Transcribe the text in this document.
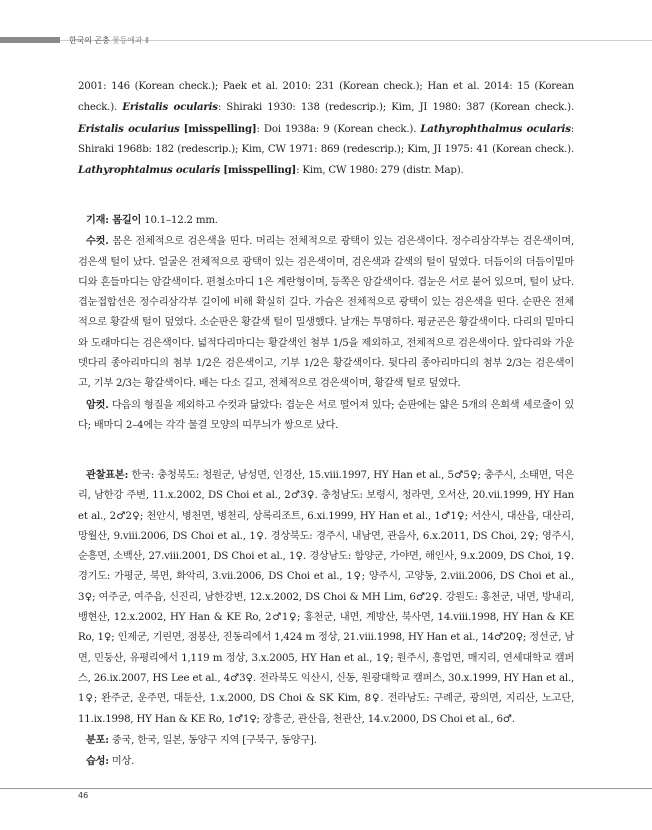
한국의 곤충 꽃등에과 Ⅱ

2001: 146 (Korean check.); Paek et al. 2010: 231 (Korean check.); Han et al. 2014: 15 (Korean check.). Eristalis ocularis: Shiraki 1930: 138 (redescrip.); Kim, JI 1980: 387 (Korean check.). Eristalis ocularius [misspelling]: Doi 1938a: 9 (Korean check.). Lathyrophthalmus ocularis: Shiraki 1968b: 182 (redescrip.); Kim, CW 1971: 869 (redescrip.); Kim, JI 1975: 41 (Korean check.). Lathyrophtalmus ocularis [misspelling]: Kim, CW 1980: 279 (distr. Map).

기재: 몸길이 10.1–12.2 mm.

수컷. 몸은 전체적으로 검은색을 띤다. 머리는 전체적으로 광택이 있는 검은색이다. 정수리삼각부는 검은색이며, 검은색 털이 났다. 얼굴은 전체적으로 광택이 있는 검은색이며, 검은색과 갈색의 털이 덮였다. 더듬이의 더듬이밑마디와 흔들마디는 암갈색이다. 편철소마디 1은 계란형이며, 등쪽은 암갈색이다. 겹눈은 서로 붙어 있으며, 털이 났다. 겹눈접합선은 정수리삼각부 길이에 비해 확실히 길다. 가슴은 전체적으로 광택이 있는 검은색을 띤다. 순판은 전체적으로 황갈색 털이 덮였다. 소순판은 황갈색 털이 밀생했다. 날개는 투명하다. 평균곤은 황갈색이다. 다리의 밑마디와 도래마디는 검은색이다. 넓적다리마디는 황갈색인 첨부 1/5을 제외하고, 전체적으로 검은색이다. 앞다리와 가운뎃다리 종아리마디의 첨부 1/2은 검은색이고, 기부 1/2은 황갈색이다. 뒷다리 종아리마디의 첨부 2/3는 검은색이고, 기부 2/3는 황갈색이다. 배는 다소 길고, 전체적으로 검은색이며, 황갈색 털로 덮였다.

암컷. 다음의 형질을 제외하고 수컷과 닮았다: 겹눈은 서로 떨어져 있다; 순판에는 얇은 5개의 은회색 세로줄이 있다; 배마디 2–4에는 각각 물결 모양의 띠무늬가 쌍으로 났다.

관찰표본: 한국: 충청북도: 청원군, 남성면, 인경산, 15.viii.1997, HY Han et al., 5♂5♀; 충주시, 소태면, 덕은리, 남한강 주변, 11.x.2002, DS Choi et al., 2♂3♀. 충청남도: 보령시, 청라면, 오서산, 20.vii.1999, HY Han et al., 2♂2♀; 천안시, 병천면, 병천리, 상록리조트, 6.xi.1999, HY Han et al., 1♂1♀; 서산시, 대산읍, 대산리, 망월산, 9.viii.2006, DS Choi et al., 1♀. 경상북도: 경주시, 내남면, 관음사, 6.x.2011, DS Choi, 2♀; 영주시, 순흥면, 소백산, 27.viii.2001, DS Choi et al., 1♀. 경상남도: 함양군, 가야면, 해인사, 9.x.2009, DS Choi, 1♀. 경기도: 가평군, 북면, 화악리, 3.vii.2006, DS Choi et al., 1♀; 양주시, 고양동, 2.viii.2006, DS Choi et al., 3♀; 여주군, 여주읍, 신진리, 남한강변, 12.x.2002, DS Choi & MH Lim, 6♂2♀. 강원도: 홍천군, 내면, 방내리, 뱅현산, 12.x.2002, HY Han & KE Ro, 2♂1♀; 홍천군, 내면, 계방산, 북사면, 14.viii.1998, HY Han & KE Ro, 1♀; 인제군, 기린면, 점봉산, 진동리에서 1,424 m 정상, 21.viii.1998, HY Han et al., 14♂20♀; 정선군, 남면, 민둥산, 유평리에서 1,119 m 정상, 3.x.2005, HY Han et al., 1♀; 원주시, 흥업면, 매지리, 연세대학교 캠퍼스, 26.ix.2007, HS Lee et al., 4♂3♀. 전라북도 익산시, 신동, 원광대학교 캠퍼스, 30.x.1999, HY Han et al., 1♀; 완주군, 운주면, 대둔산, 1.x.2000, DS Choi & SK Kim, 8♀. 전라남도: 구례군, 광의면, 지리산, 노고단, 11.ix.1998, HY Han & KE Ro, 1♂1♀; 장흥군, 관산읍, 천관산, 14.v.2000, DS Choi et al., 6♂.

분포: 중국, 한국, 일본, 동양구 지역 [구북구, 동양구].

습성: 미상.

46
